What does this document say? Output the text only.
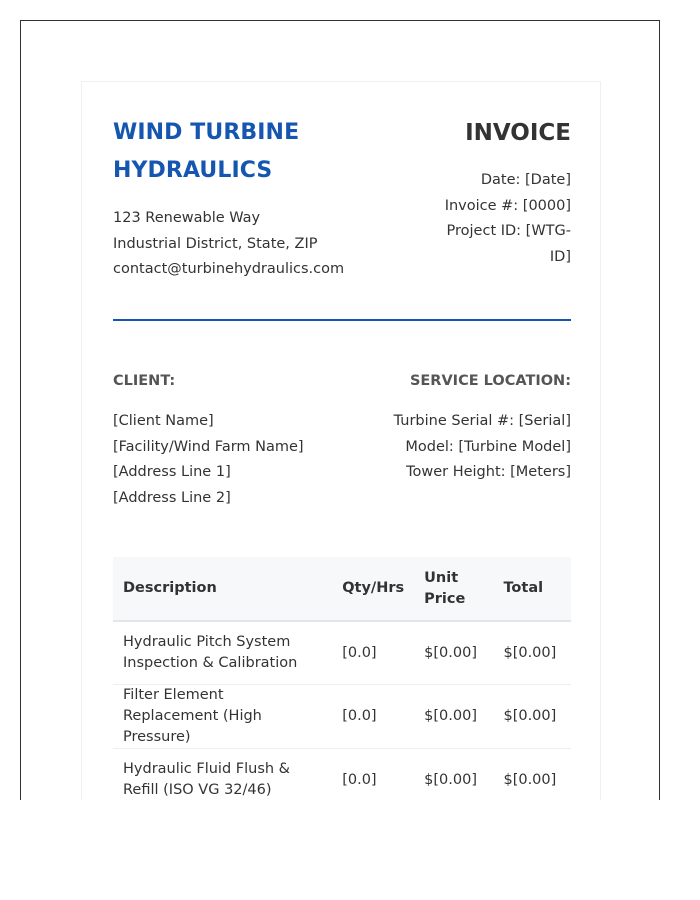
WIND TURBINE HYDRAULICS
123 Renewable Way
Industrial District, State, ZIP
contact@turbinehydraulics.com
INVOICE
Date: [Date]
Invoice #: [0000]
Project ID: [WTG-ID]
CLIENT:	SERVICE LOCATION:
[Client Name]
[Facility/Wind Farm Name]
[Address Line 1]
[Address Line 2]
Turbine Serial #: [Serial]
Model: [Turbine Model]
Tower Height: [Meters]
Description	Qty/Hrs	Unit Price	Total
Hydraulic Pitch System Inspection & Calibration	[0.0]	$[0.00]	$[0.00]
Filter Element Replacement (High Pressure)	[0.0]	$[0.00]	$[0.00]
Hydraulic Fluid Flush & Refill (ISO VG 32/46)	[0.0]	$[0.00]	$[0.00]
